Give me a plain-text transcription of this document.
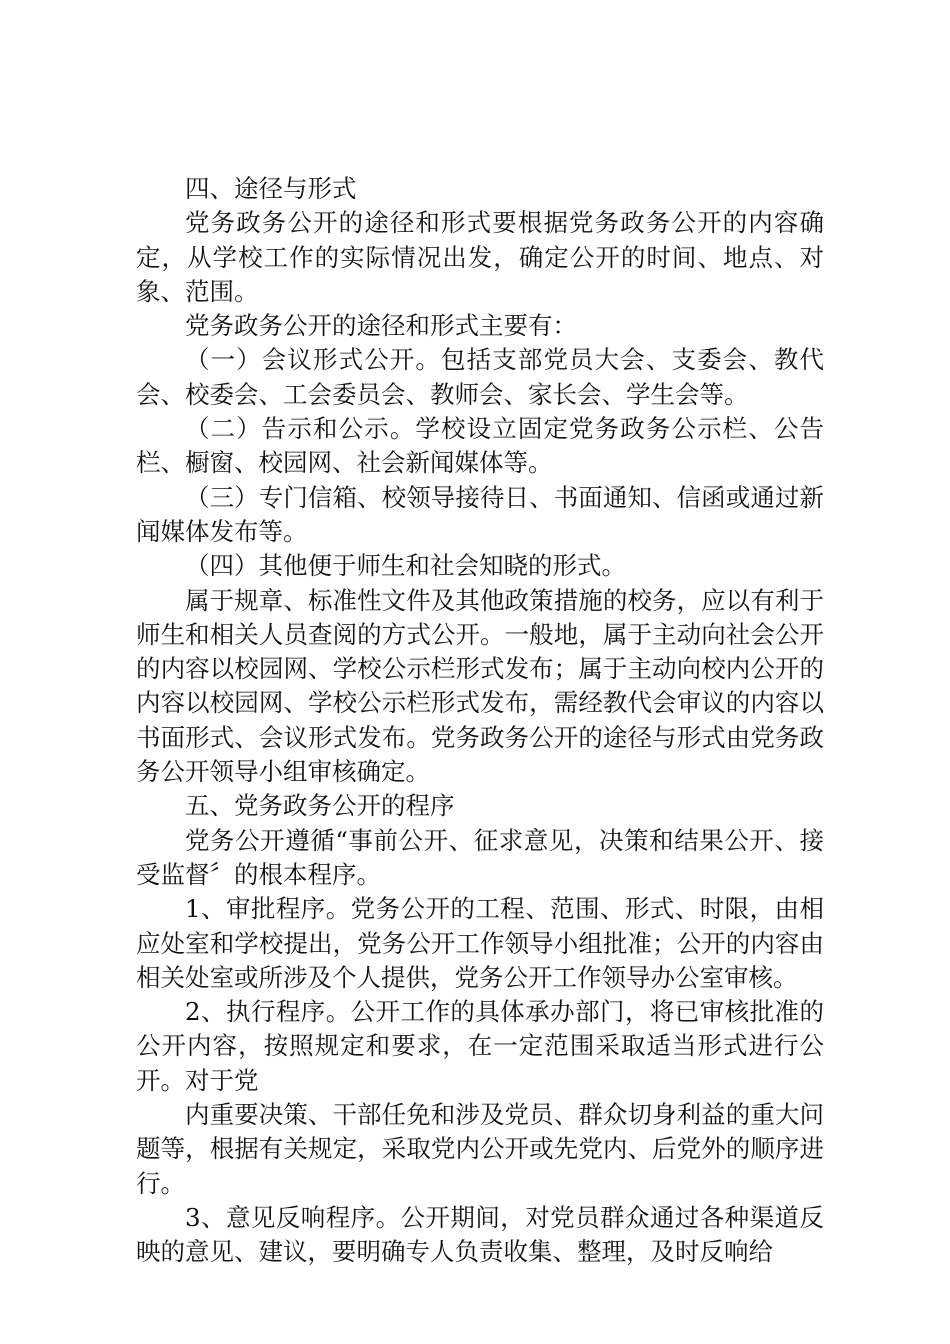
四、途径与形式

党务政务公开的途径和形式要根据党务政务公开的内容确定，从学校工作的实际情况出发，确定公开的时间、地点、对象、范围。

党务政务公开的途径和形式主要有：

（一）会议形式公开。包括支部党员大会、支委会、教代会、校委会、工会委员会、教师会、家长会、学生会等。

（二）告示和公示。学校设立固定党务政务公示栏、公告栏、橱窗、校园网、社会新闻媒体等。

（三）专门信箱、校领导接待日、书面通知、信函或通过新闻媒体发布等。

（四）其他便于师生和社会知晓的形式。

属于规章、标准性文件及其他政策措施的校务，应以有利于师生和相关人员查阅的方式公开。一般地，属于主动向社会公开的内容以校园网、学校公示栏形式发布；属于主动向校内公开的内容以校园网、学校公示栏形式发布，需经教代会审议的内容以书面形式、会议形式发布。党务政务公开的途径与形式由党务政务公开领导小组审核确定。

五、党务政务公开的程序

党务公开遵循“事前公开、征求意见，决策和结果公开、接受监督〞的根本程序。

1、审批程序。党务公开的工程、范围、形式、时限，由相应处室和学校提出，党务公开工作领导小组批准；公开的内容由相关处室或所涉及个人提供，党务公开工作领导办公室审核。

2、执行程序。公开工作的具体承办部门，将已审核批准的公开内容，按照规定和要求，在一定范围采取适当形式进行公开。对于党

内重要决策、干部任免和涉及党员、群众切身利益的重大问题等，根据有关规定，采取党内公开或先党内、后党外的顺序进行。

3、意见反响程序。公开期间，对党员群众通过各种渠道反映的意见、建议，要明确专人负责收集、整理，及时反响给
